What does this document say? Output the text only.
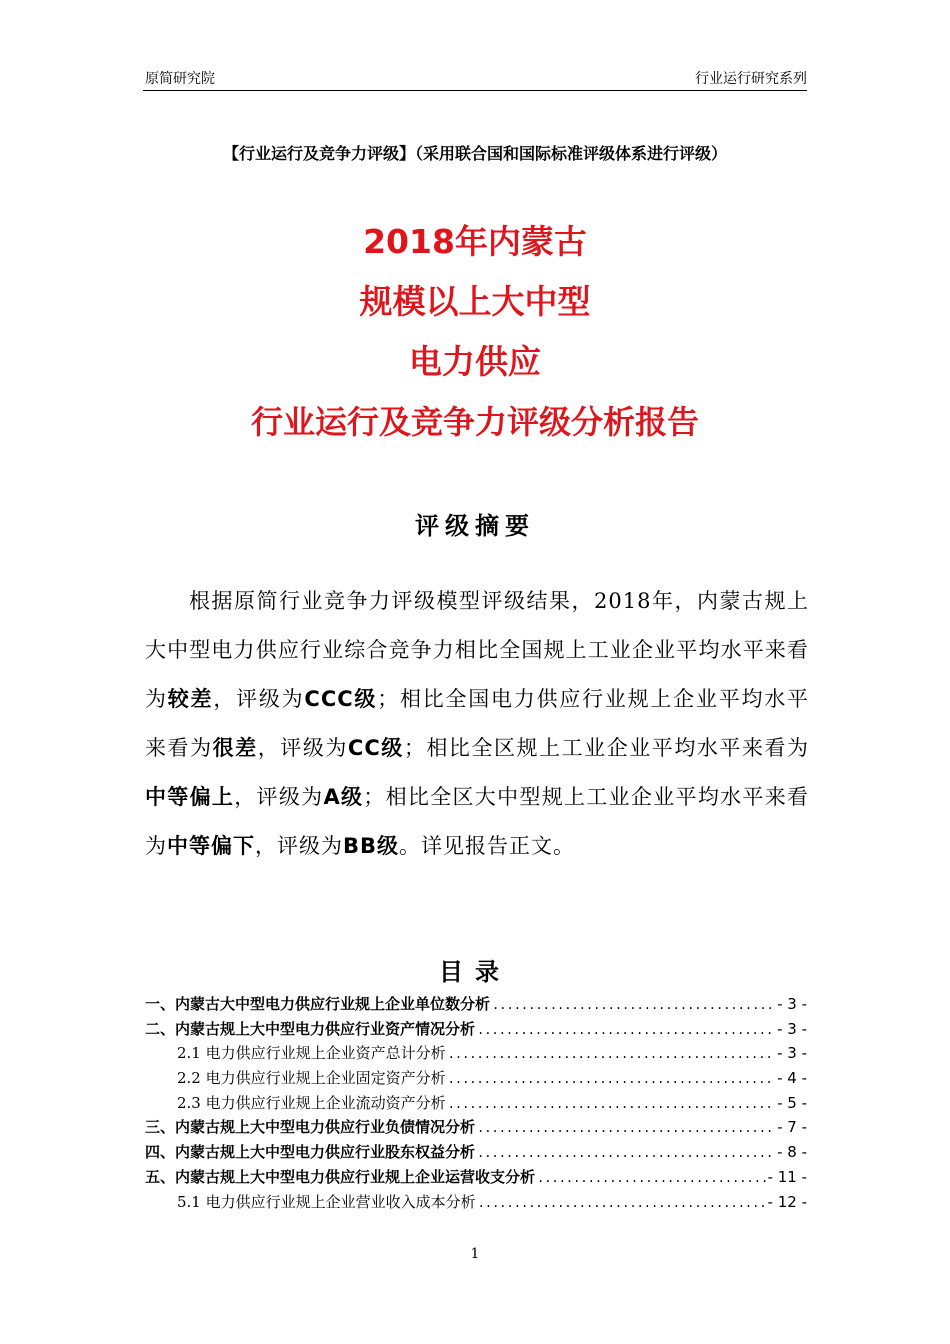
原简研究院	行业运行研究系列
【行业运行及竞争力评级】（采用联合国和国际标准评级体系进行评级）
2018年内蒙古
规模以上大中型
电力供应
行业运行及竞争力评级分析报告
评级摘要

根据原简行业竞争力评级模型评级结果，2018年，内蒙古规上大中型电力供应行业综合竞争力相比全国规上工业企业平均水平来看为较差，评级为CCC级；相比全国电力供应行业规上企业平均水平来看为很差，评级为CC级；相比全区规上工业企业平均水平来看为中等偏上，评级为A级；相比全区大中型规上工业企业平均水平来看为中等偏下，评级为BB级。详见报告正文。

目录
一、内蒙古大中型电力供应行业规上企业单位数分析 .....	- 3 -
二、内蒙古规上大中型电力供应行业资产情况分析 .....	- 3 -
2.1 电力供应行业规上企业资产总计分析 .....	- 3 -
2.2 电力供应行业规上企业固定资产分析 .....	- 4 -
2.3 电力供应行业规上企业流动资产分析 .....	- 5 -
三、内蒙古规上大中型电力供应行业负债情况分析 .....	- 7 -
四、内蒙古规上大中型电力供应行业股东权益分析 .....	- 8 -
五、内蒙古规上大中型电力供应行业规上企业运营收支分析 .....	- 11 -
5.1 电力供应行业规上企业营业收入成本分析 .....	- 12 -
1
